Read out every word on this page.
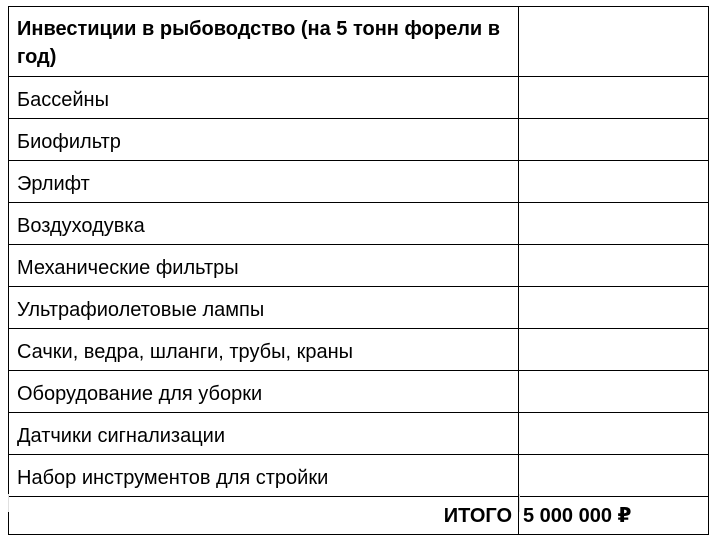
Инвестиции в рыбоводство (на 5 тонн форели в год)	
Бассейны	
Биофильтр	
Эрлифт	
Воздуходувка	
Механические фильтры	
Ультрафиолетовые лампы	
Сачки, ведра, шланги, трубы, краны	
Оборудование для уборки	
Датчики сигнализации	
Набор инструментов для стройки	
ИТОГО	5 000 000 ₽
